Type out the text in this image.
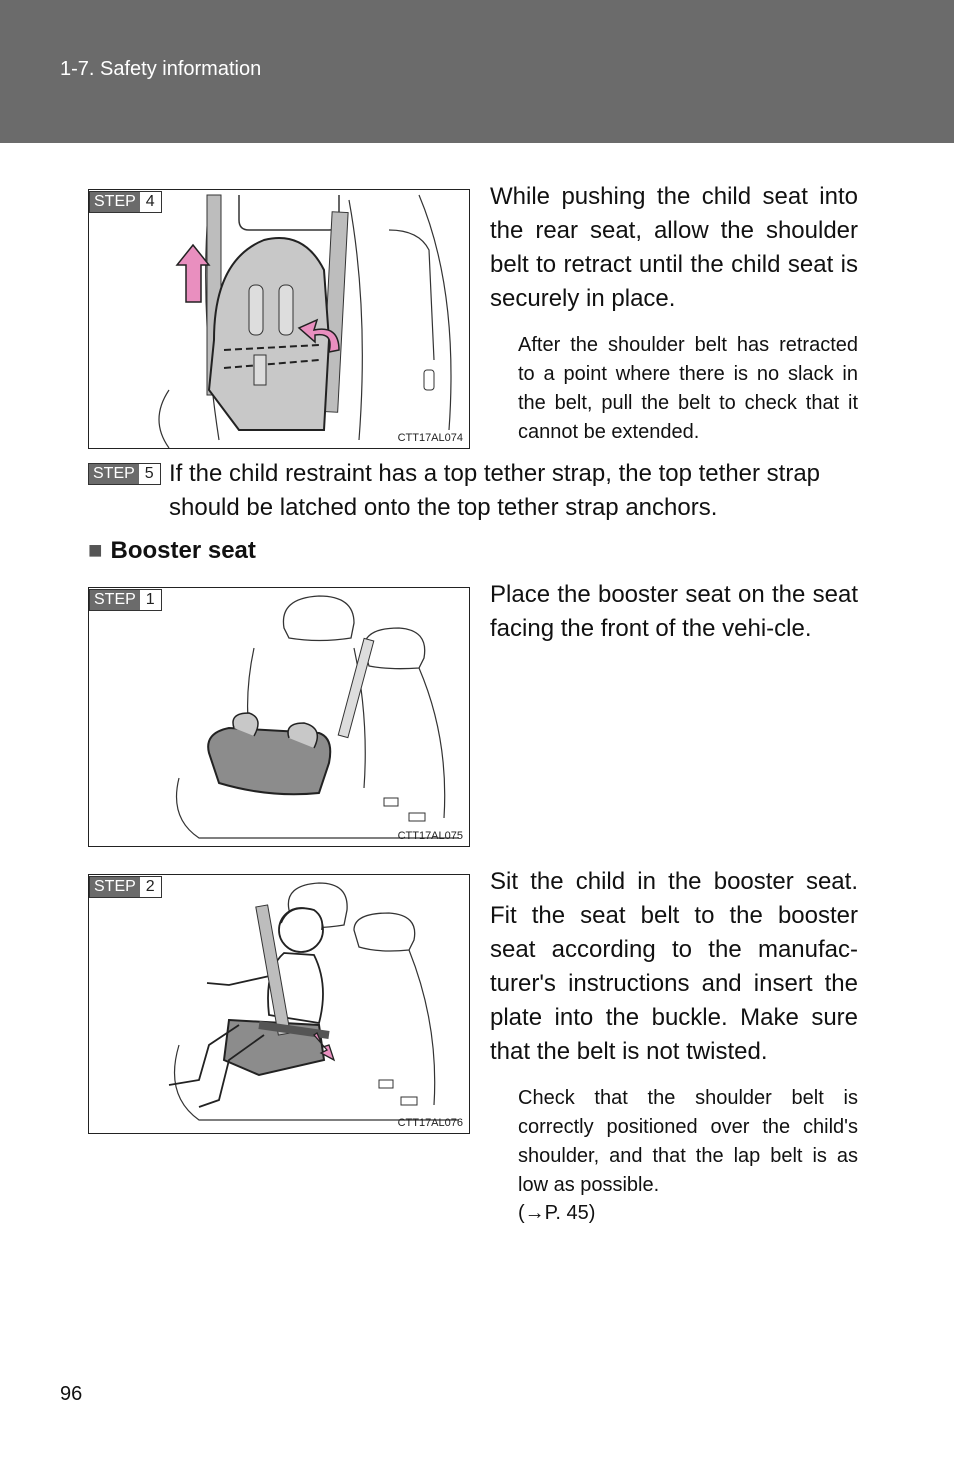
1-7. Safety information
STEP 4
CTT17AL074
While pushing the child seat into the rear seat, allow the shoulder belt to retract until the child seat is securely in place.
After the shoulder belt has retracted to a point where there is no slack in the belt, pull the belt to check that it cannot be extended.
STEP 5 If the child restraint has a top tether strap, the top tether strap should be latched onto the top tether strap anchors.
■ Booster seat
STEP 1
CTT17AL075
Place the booster seat on the seat facing the front of the vehi-cle.
STEP 2
CTT17AL076
Sit the child in the booster seat. Fit the seat belt to the booster seat according to the manufac-turer's instructions and insert the plate into the buckle. Make sure that the belt is not twisted.
Check that the shoulder belt is correctly positioned over the child's shoulder, and that the lap belt is as low as possible.
(→P. 45)
96
